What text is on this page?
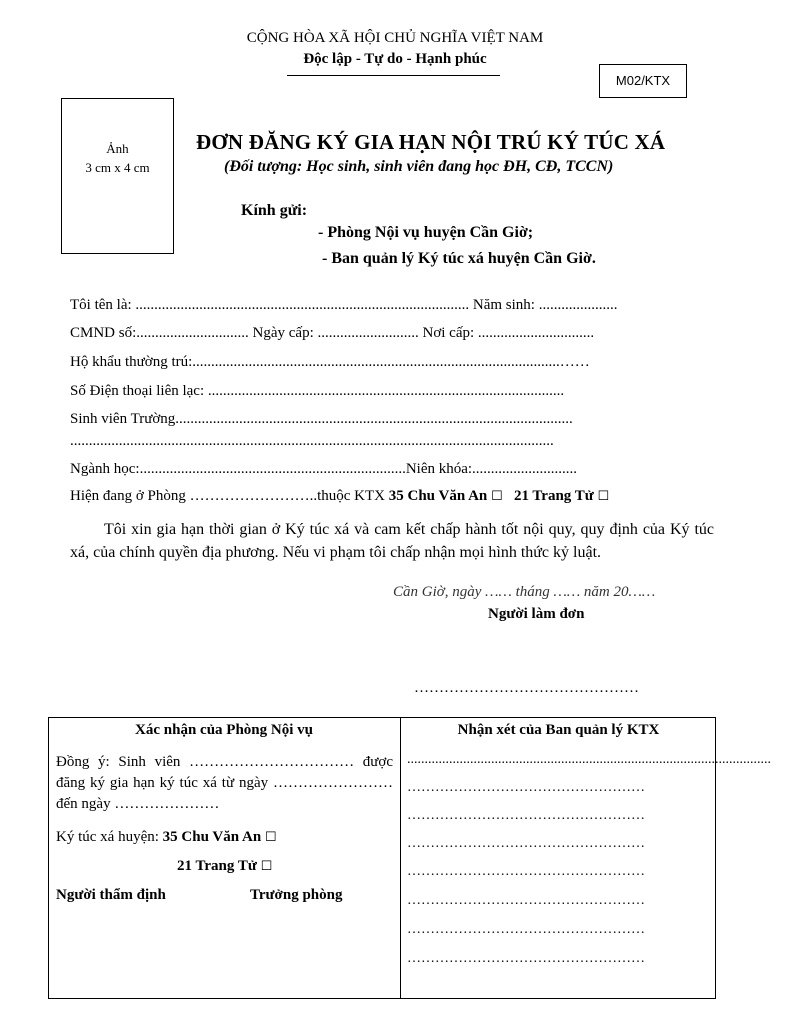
CỘNG HÒA XÃ HỘI CHỦ NGHĨA VIỆT NAM
Độc lập - Tự do - Hạnh phúc
M02/KTX
Ảnh
3 cm x 4 cm
ĐƠN ĐĂNG KÝ GIA HẠN NỘI TRÚ KÝ TÚC XÁ
(Đối tượng: Học sinh, sinh viên đang học ĐH, CĐ, TCCN)
Kính gửi:
- Phòng Nội vụ huyện Cần Giờ;
- Ban quản lý Ký túc xá huyện Cần Giờ.
Tôi tên là: ......................................................................................... Năm sinh: .....................
CMND số:.............................. Ngày cấp: ........................... Nơi cấp: ...............................
Hộ khẩu thường trú:..................................................................................................……
Số Điện thoại liên lạc: ...............................................................................................
Sinh viên Trường..........................................................................................................
.................................................................................................................................
Ngành học:.......................................................................Niên khóa:............................
Hiện đang ở Phòng ……………………..thuộc KTX 35 Chu Văn An ☐ 21 Trang Tử ☐
Tôi xin gia hạn thời gian ở Ký túc xá và cam kết chấp hành tốt nội quy, quy định của Ký túc xá, của chính quyền địa phương. Nếu vi phạm tôi chấp nhận mọi hình thức kỷ luật.
Cần Giờ, ngày …… tháng …… năm 20……
Người làm đơn
………………………………………
Xác nhận của Phòng Nội vụ	Nhận xét của Ban quản lý KTX
Đồng ý: Sinh viên …………………………… được đăng ký gia hạn ký túc xá từ ngày ……………………đến ngày …………………
Ký túc xá huyện: 35 Chu Văn An ☐
21 Trang Tử ☐
Người thẩm định	Trưởng phòng
........................................................................................................
……………………………………………
……………………………………………
……………………………………………
……………………………………………
……………………………………………
……………………………………………
……………………………………………
